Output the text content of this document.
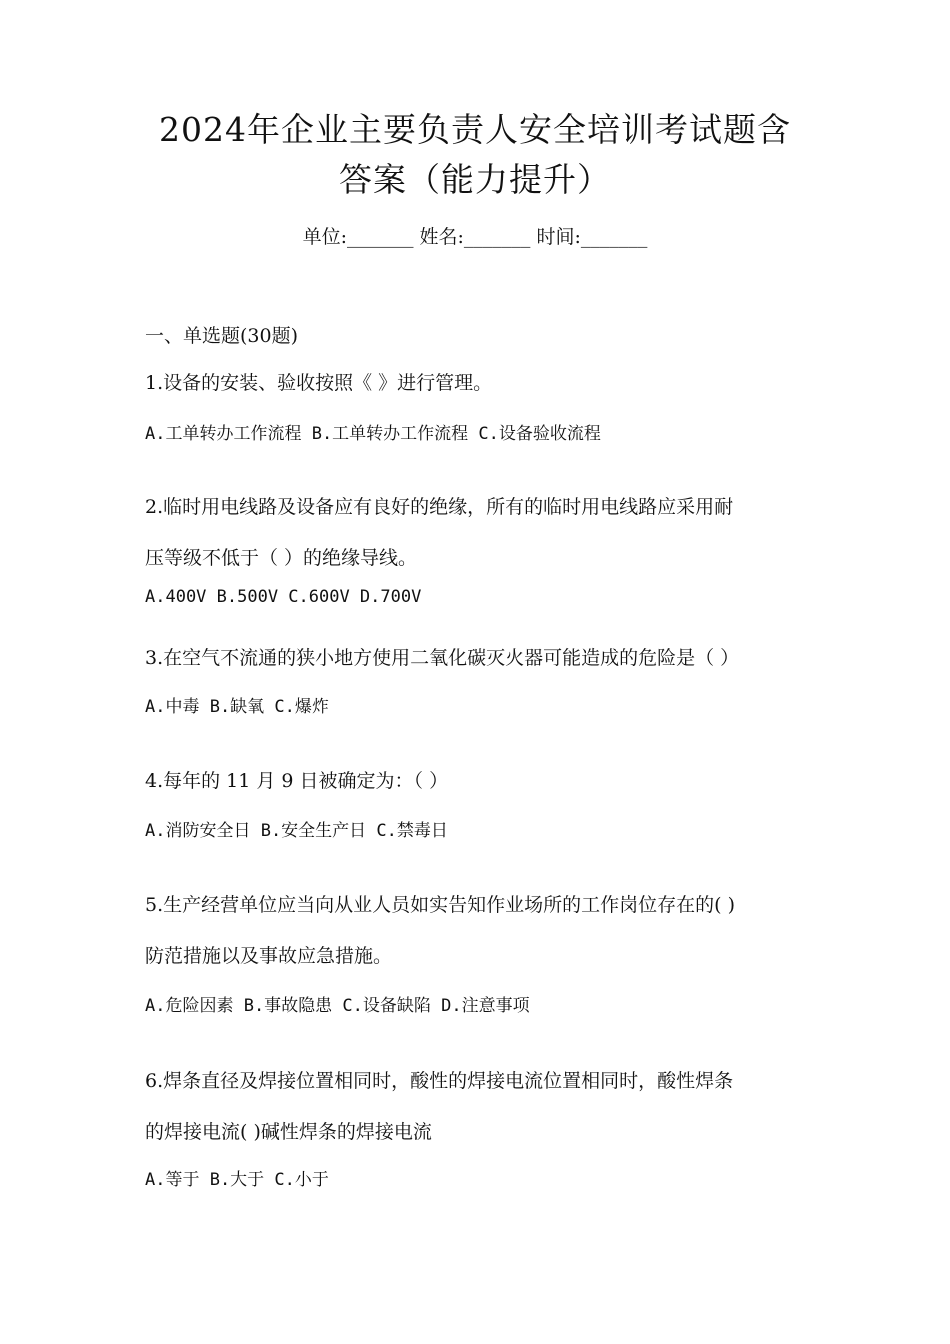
2024年企业主要负责人安全培训考试题含
答案（能力提升）
单位:_______ 姓名:_______ 时间:_______

一、单选题(30题)

1.设备的安装、验收按照《 》进行管理。

A.工单转办工作流程 B.工单转办工作流程 C.设备验收流程

2.临时用电线路及设备应有良好的绝缘，所有的临时用电线路应采用耐

压等级不低于（ ）的绝缘导线。

A.400V B.500V C.600V D.700V

3.在空气不流通的狭小地方使用二氧化碳灭火器可能造成的危险是（ ）

A.中毒 B.缺氧 C.爆炸

4.每年的 11 月 9 日被确定为：（ ）

A.消防安全日 B.安全生产日 C.禁毒日

5.生产经营单位应当向从业人员如实告知作业场所的工作岗位存在的( )

防范措施以及事故应急措施。

A.危险因素 B.事故隐患 C.设备缺陷 D.注意事项

6.焊条直径及焊接位置相同时，酸性的焊接电流位置相同时，酸性焊条

的焊接电流( )碱性焊条的焊接电流

A.等于 B.大于 C.小于
